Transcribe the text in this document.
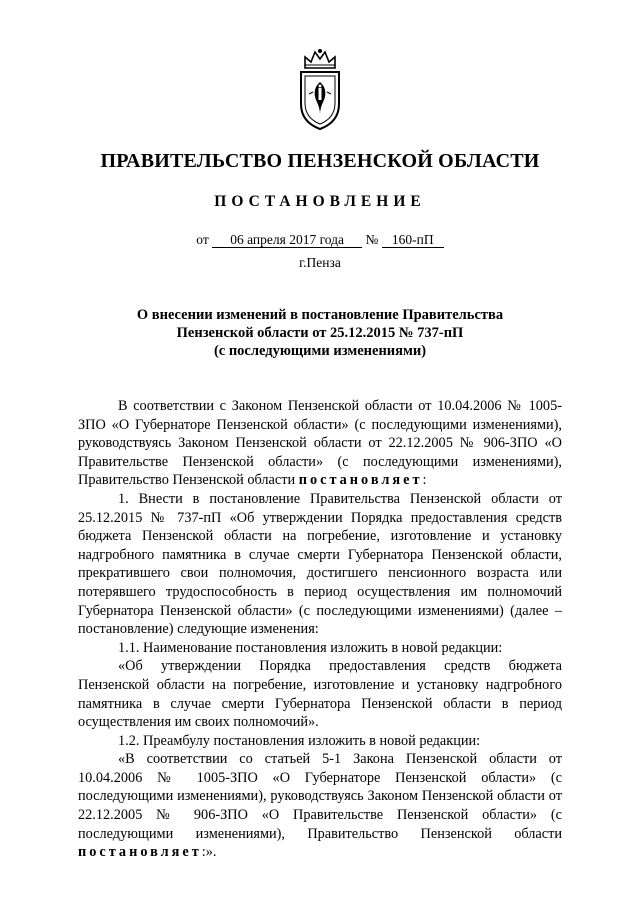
ПРАВИТЕЛЬСТВО ПЕНЗЕНСКОЙ ОБЛАСТИ
ПОСТАНОВЛЕНИЕ
от 06 апреля 2017 года № 160-пП
г.Пенза
О внесении изменений в постановление Правительства
Пензенской области от 25.12.2015 № 737-пП
(с последующими изменениями)

В соответствии с Законом Пензенской области от 10.04.2006 № 1005-ЗПО «О Губернаторе Пензенской области» (с последующими изменениями), руководствуясь Законом Пензенской области от 22.12.2005 № 906-ЗПО «О Правительстве Пензенской области» (с последующими изменениями), Правительство Пензенской области постановляет:

1. Внести в постановление Правительства Пензенской области от 25.12.2015 № 737-пП «Об утверждении Порядка предоставления средств бюджета Пензенской области на погребение, изготовление и установку надгробного памятника в случае смерти Губернатора Пензенской области, прекратившего свои полномочия, достигшего пенсионного возраста или потерявшего трудоспособность в период осуществления им полномочий Губернатора Пензенской области» (с последующими изменениями) (далее – постановление) следующие изменения:

1.1. Наименование постановления изложить в новой редакции:

«Об утверждении Порядка предоставления средств бюджета Пензенской области на погребение, изготовление и установку надгробного памятника в случае смерти Губернатора Пензенской области в период осуществления им своих полномочий».

1.2. Преамбулу постановления изложить в новой редакции:

«В соответствии со статьей 5-1 Закона Пензенской области от 10.04.2006 № 1005-ЗПО «О Губернаторе Пензенской области» (с последующими изменениями), руководствуясь Законом Пензенской области от 22.12.2005 № 906-ЗПО «О Правительстве Пензенской области» (с последующими изменениями), Правительство Пензенской области постановляет:».
